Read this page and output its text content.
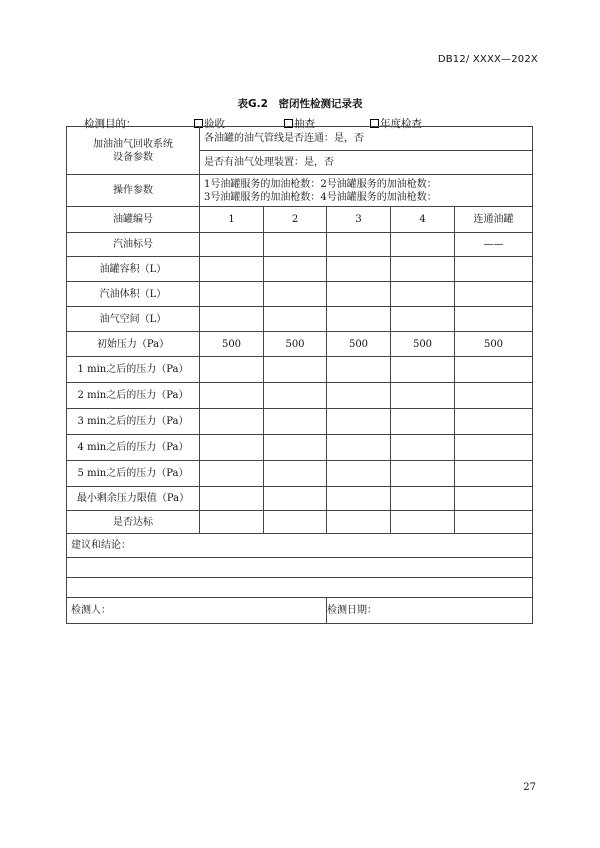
DB12/ XXXX—202X
表G.2　密闭性检测记录表
检测目的：	验收	抽查	年度检查
加油油气回收系统
设备参数	各油罐的油气管线是否连通：是，否				
	是否有油气处理装置：是，否				
操作参数	1号油罐服务的加油枪数：2号油罐服务的加油枪数：
3号油罐服务的加油枪数：4号油罐服务的加油枪数：				

油罐编号	1	2	3	4	连通油罐
汽油标号					——
油罐容积（L）					
汽油体积（L）					
油气空间（L）					
初始压力（Pa）	500	500	500	500	500
1 min之后的压力（Pa）					
2 min之后的压力（Pa）					
3 min之后的压力（Pa）					
4 min之后的压力（Pa）					
5 min之后的压力（Pa）					
最小剩余压力限值（Pa）					
是否达标					
建议和结论：					

检测人：			检测日期：		
27
